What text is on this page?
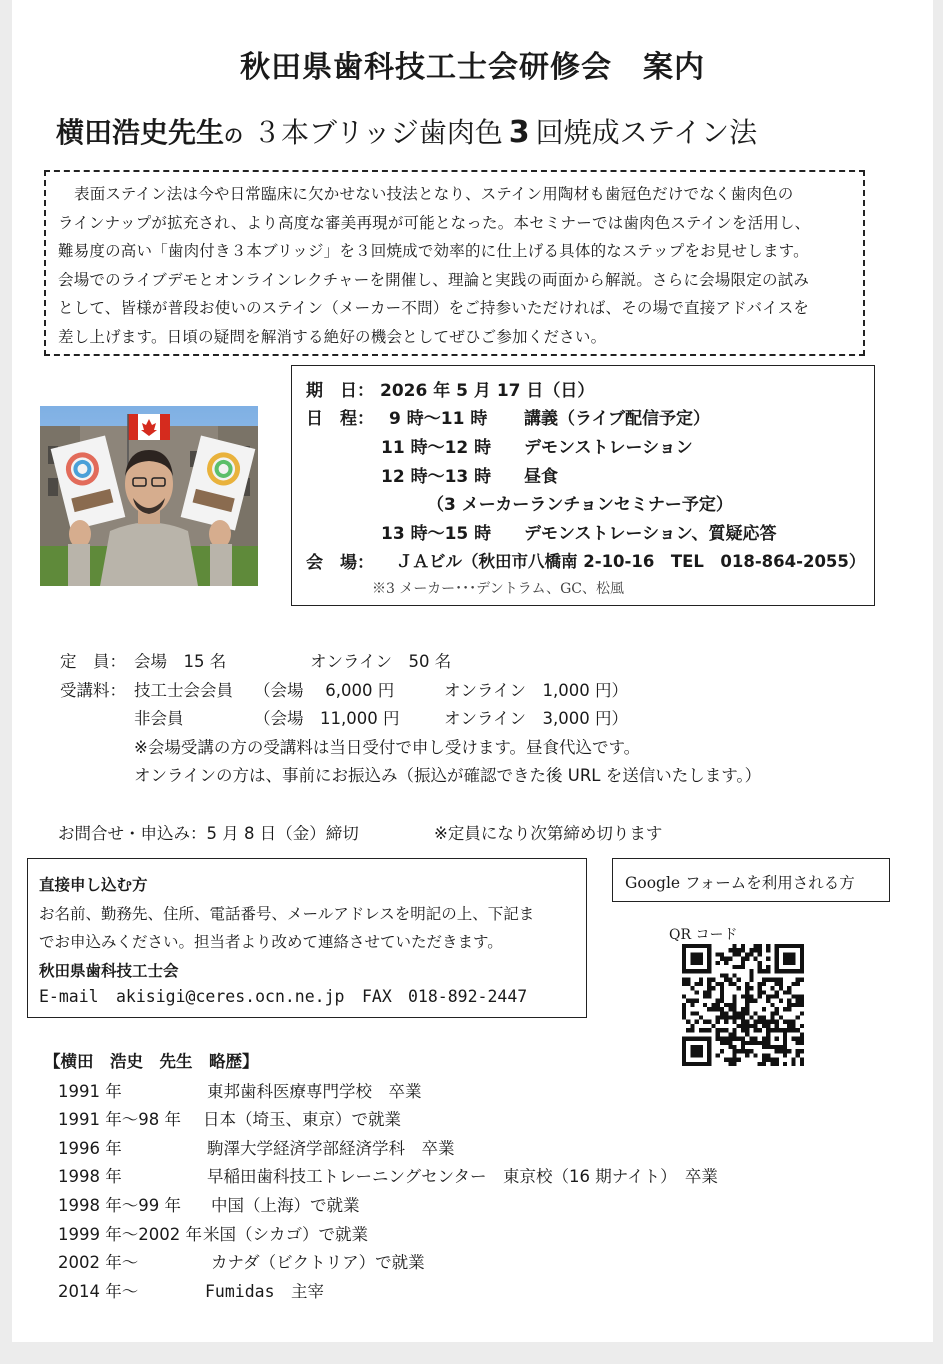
秋田県歯科技工士会研修会　案内
横田浩史先生の ３本ブリッジ歯肉色 3 回焼成ステイン法
表面ステイン法は今や日常臨床に欠かせない技法となり、ステイン用陶材も歯冠色だけでなく歯肉色の
ラインナップが拡充され、より高度な審美再現が可能となった。本セミナーでは歯肉色ステインを活用し、
難易度の高い「歯肉付き３本ブリッジ」を３回焼成で効率的に仕上げる具体的なステップをお見せします。
会場でのライブデモとオンラインレクチャーを開催し、理論と実践の両面から解説。さらに会場限定の試み
として、皆様が普段お使いのステイン（メーカー不問）をご持参いただければ、その場で直接アドバイスを
差し上げます。日頃の疑問を解消する絶好の機会としてぜひご参加ください。
期　日： 2026 年 5 月 17 日（日）
日　程： 9 時～11 時 講義（ライブ配信予定）
11 時～12 時 デモンストレーション
12 時～13 時 昼食
（3 メーカーランチョンセミナー予定）
13 時～15 時 デモンストレーション、質疑応答
会　場： ＪＡビル（秋田市八橋南 2-10-16　TEL　018-864-2055）
※3 メーカー･･･デントラム、GC、松風
定　員： 会場　15 名	オンライン　50 名
受講料： 技工士会会員 （会場　 6,000 円	オンライン　1,000 円）
非会員	（会場　11,000 円	オンライン　3,000 円）
※会場受講の方の受講料は当日受付で申し受けます。昼食代込です。
オンラインの方は、事前にお振込み（振込が確認できた後 URL を送信いたします。）
お問合せ・申込み：5 月 8 日（金）締切	※定員になり次第締め切ります
直接申し込む方
お名前、勤務先、住所、電話番号、メールアドレスを明記の上、下記ま
でお申込みください。担当者より改めて連絡させていただきます。
秋田県歯科技工士会
E-mail akisigi@ceres.ocn.ne.jp FAX 018-892-2447
Google フォームを利用される方
QR コード
【横田　浩史　先生　略歴】
1991 年	東邦歯科医療専門学校　卒業
1991 年～98 年 日本（埼玉、東京）で就業
1996 年	駒澤大学経済学部経済学科　卒業
1998 年	早稲田歯科技工トレーニングセンター　東京校（16 期ナイト）　卒業
1998 年～99 年 中国（上海）で就業
1999 年～2002 年 米国（シカゴ）で就業
2002 年～	カナダ（ビクトリア）で就業
2014 年～	Fumidas　主宰
